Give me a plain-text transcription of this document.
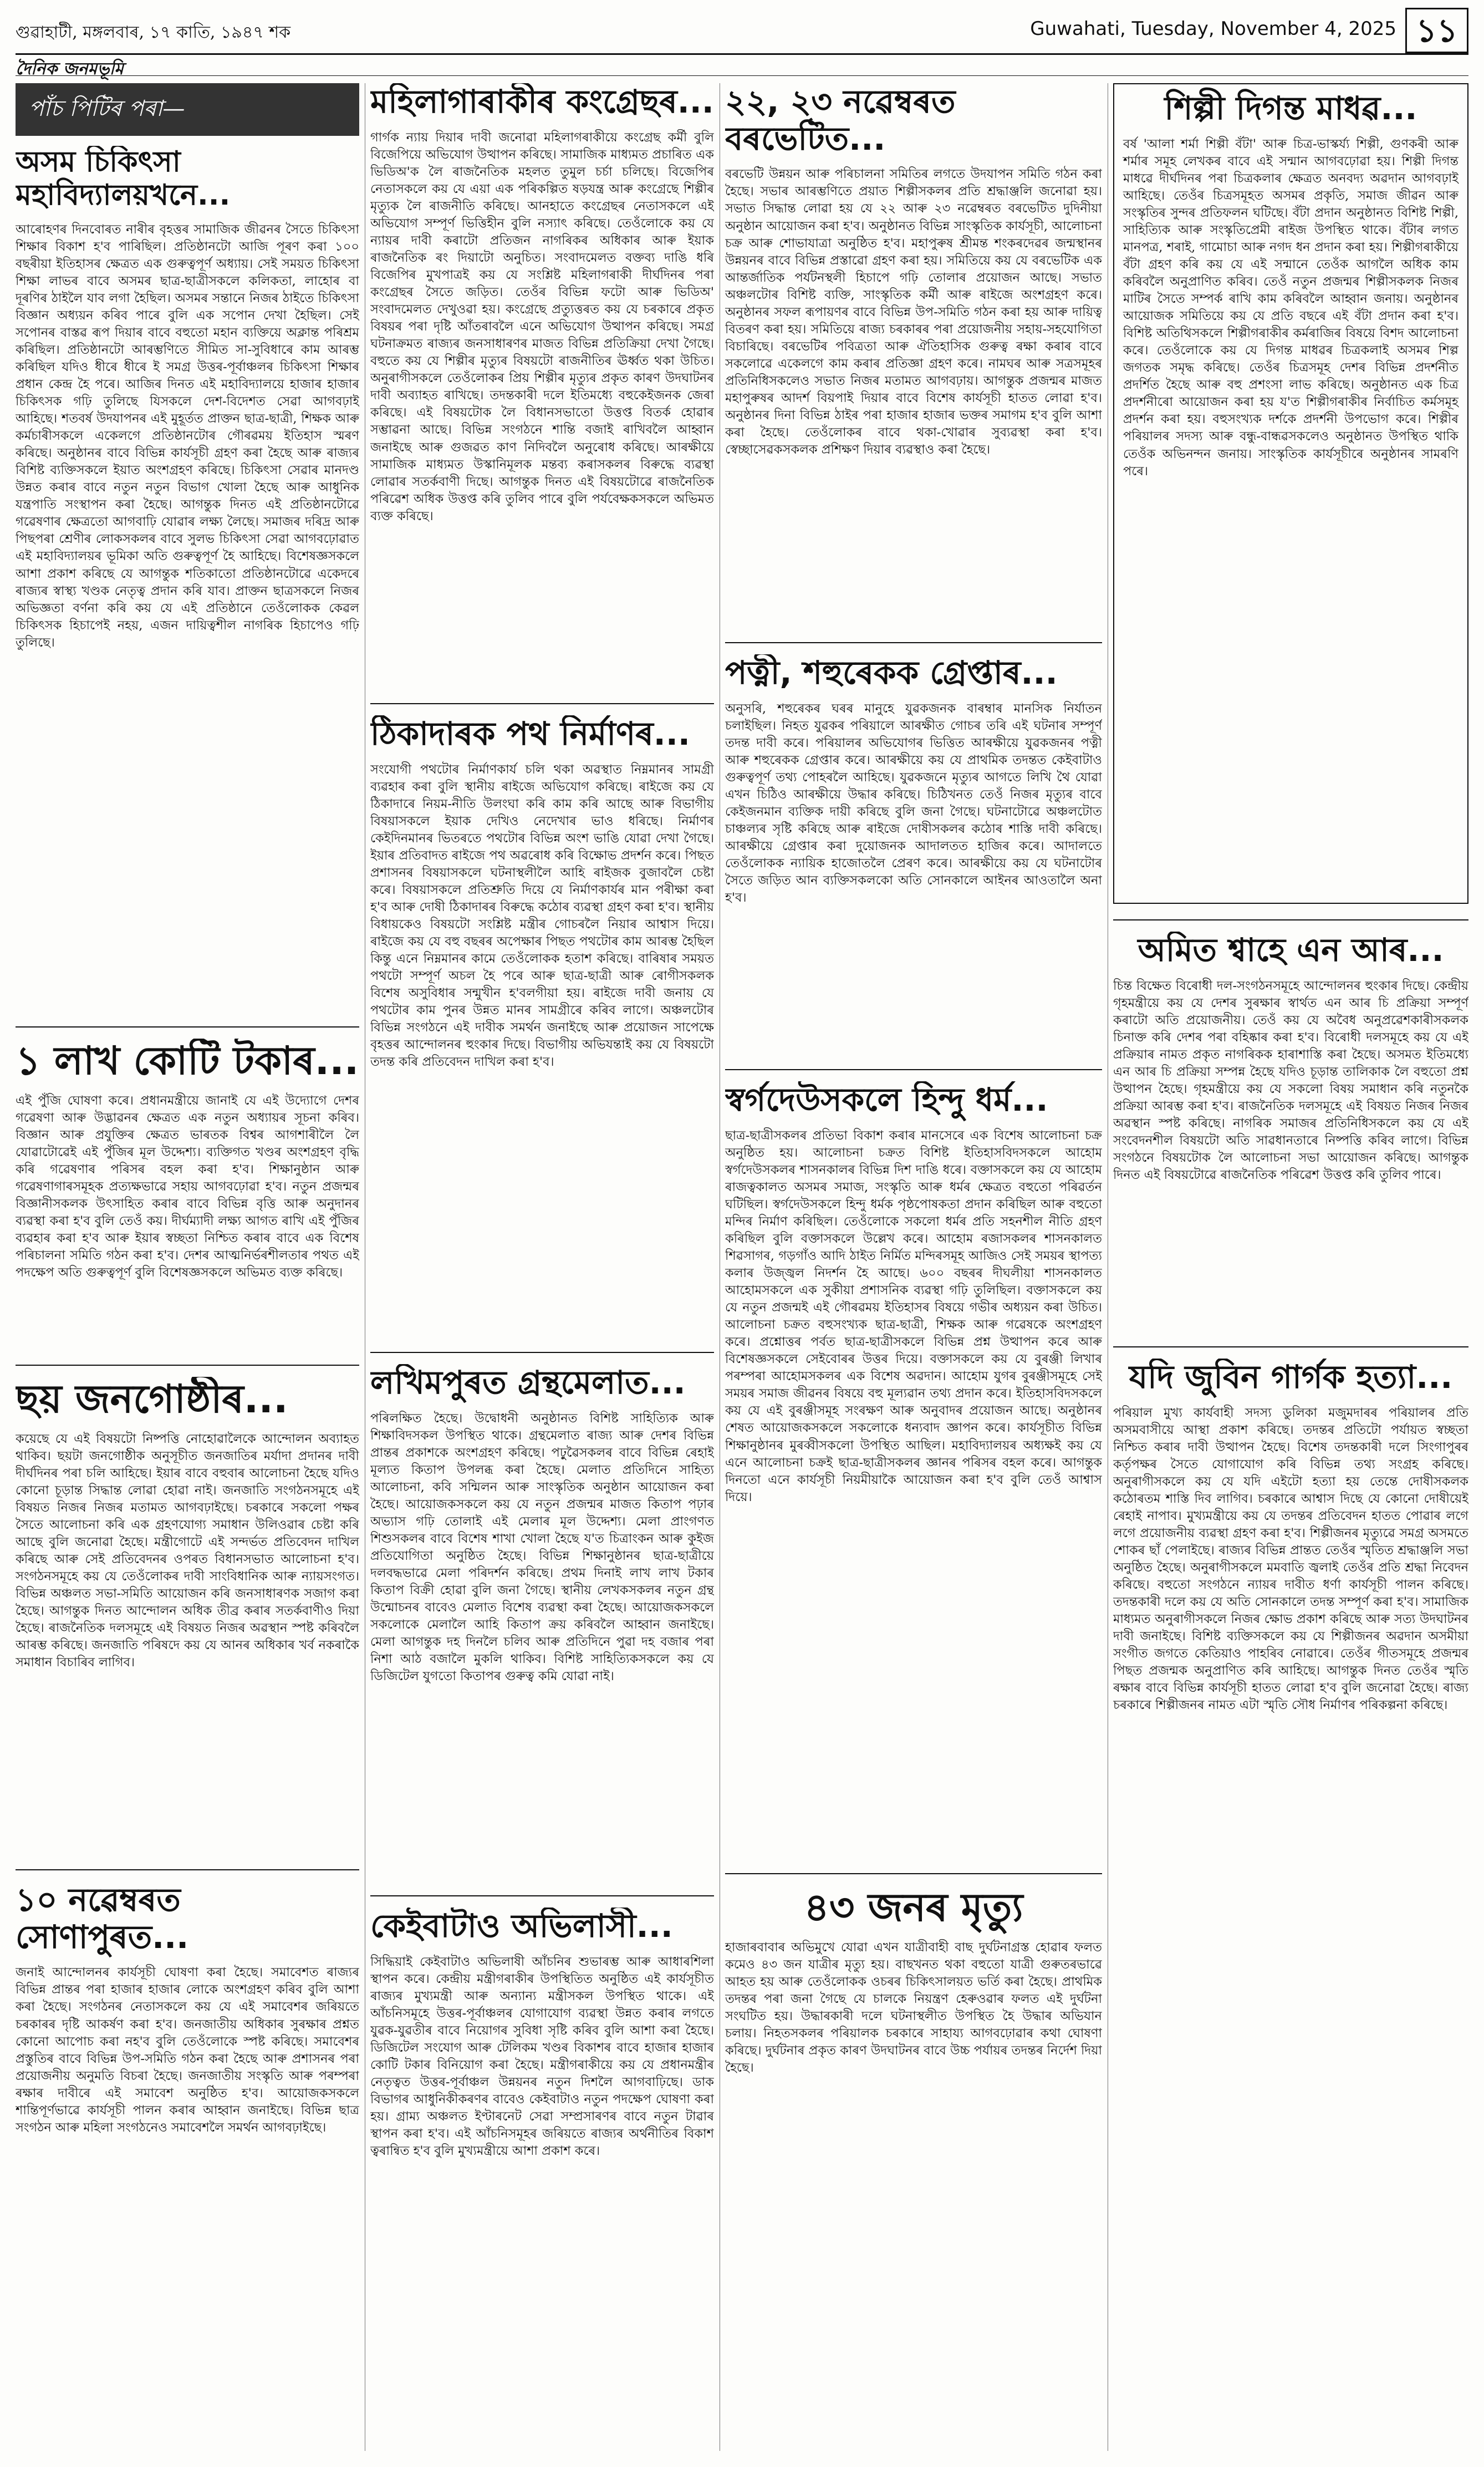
গুৱাহাটী, মঙ্গলবাৰ, ১৭ কাতি, ১৯৪৭ শক	Guwahati, Tuesday, November 4, 2025 ১১
দৈনিক জনমভূমি
পাঁচ পিটিৰ পৰা—
অসম চিকিৎসা মহাবিদ্যালয়খনে...

আৰোহণৰ দিনবোৰত নাৰীৰ বৃহত্তৰ সামাজিক জীৱনৰ সৈতে চিকিৎসা শিক্ষাৰ বিকাশ হ'ব পাৰিছিল। প্ৰতিষ্ঠানটো আজি পূৰণ কৰা ১০০ বছৰীয়া ইতিহাসৰ ক্ষেত্ৰত এক গুৰুত্বপূৰ্ণ অধ্যায়। সেই সময়ত চিকিৎসা শিক্ষা লাভৰ বাবে অসমৰ ছাত্ৰ-ছাত্ৰীসকলে কলিকতা, লাহোৰ বা দূৰণিৰ ঠাইলৈ যাব লগা হৈছিল। অসমৰ সন্তানে নিজৰ ঠাইতে চিকিৎসা বিজ্ঞান অধ্যয়ন কৰিব পাৰে বুলি এক সপোন দেখা হৈছিল। সেই সপোনৰ বাস্তৱ ৰূপ দিয়াৰ বাবে বহুতো মহান ব্যক্তিয়ে অক্লান্ত পৰিশ্ৰম কৰিছিল। প্ৰতিষ্ঠানটো আৰম্ভণিতে সীমিত সা-সুবিধাৰে কাম আৰম্ভ কৰিছিল যদিও ধীৰে ধীৰে ই সমগ্ৰ উত্তৰ-পূৰ্বাঞ্চলৰ চিকিৎসা শিক্ষাৰ প্ৰধান কেন্দ্ৰ হৈ পৰে। আজিৰ দিনত এই মহাবিদ্যালয়ে হাজাৰ হাজাৰ চিকিৎসক গঢ়ি তুলিছে যিসকলে দেশ-বিদেশত সেৱা আগবঢ়াই আহিছে। শতবৰ্ষ উদযাপনৰ এই মুহূৰ্তত প্ৰাক্তন ছাত্ৰ-ছাত্ৰী, শিক্ষক আৰু কৰ্মচাৰীসকলে একেলগে প্ৰতিষ্ঠানটোৰ গৌৰৱময় ইতিহাস স্মৰণ কৰিছে। অনুষ্ঠানৰ বাবে বিভিন্ন কাৰ্যসূচী গ্ৰহণ কৰা হৈছে আৰু ৰাজ্যৰ বিশিষ্ট ব্যক্তিসকলে ইয়াত অংশগ্ৰহণ কৰিছে। চিকিৎসা সেৱাৰ মানদণ্ড উন্নত কৰাৰ বাবে নতুন নতুন বিভাগ খোলা হৈছে আৰু আধুনিক যন্ত্ৰপাতি সংস্থাপন কৰা হৈছে। আগন্তুক দিনত এই প্ৰতিষ্ঠানটোৱে গৱেষণাৰ ক্ষেত্ৰতো আগবাঢ়ি যোৱাৰ লক্ষ্য লৈছে। সমাজৰ দৰিদ্ৰ আৰু পিছপৰা শ্ৰেণীৰ লোকসকলৰ বাবে সুলভ চিকিৎসা সেৱা আগবঢ়োৱাত এই মহাবিদ্যালয়ৰ ভূমিকা অতি গুৰুত্বপূৰ্ণ হৈ আহিছে। বিশেষজ্ঞসকলে আশা প্ৰকাশ কৰিছে যে আগন্তুক শতিকাতো প্ৰতিষ্ঠানটোৱে একেদৰে ৰাজ্যৰ স্বাস্থ্য খণ্ডক নেতৃত্ব প্ৰদান কৰি যাব। প্ৰাক্তন ছাত্ৰসকলে নিজৰ অভিজ্ঞতা বৰ্ণনা কৰি কয় যে এই প্ৰতিষ্ঠানে তেওঁলোকক কেৱল চিকিৎসক হিচাপেই নহয়, এজন দায়িত্বশীল নাগৰিক হিচাপেও গঢ়ি তুলিছে।

১ লাখ কোটি টকাৰ...

এই পুঁজি ঘোষণা কৰে। প্ৰধানমন্ত্ৰীয়ে জানাই যে এই উদ্যোগে দেশৰ গৱেষণা আৰু উদ্ভাৱনৰ ক্ষেত্ৰত এক নতুন অধ্যায়ৰ সূচনা কৰিব। বিজ্ঞান আৰু প্ৰযুক্তিৰ ক্ষেত্ৰত ভাৰতক বিশ্বৰ আগশাৰীলৈ লৈ যোৱাটোৱেই এই পুঁজিৰ মূল উদ্দেশ্য। ব্যক্তিগত খণ্ডৰ অংশগ্ৰহণ বৃদ্ধি কৰি গৱেষণাৰ পৰিসৰ বহল কৰা হ'ব। শিক্ষানুষ্ঠান আৰু গৱেষণাগাৰসমূহক প্ৰত্যক্ষভাৱে সহায় আগবঢ়োৱা হ'ব। নতুন প্ৰজন্মৰ বিজ্ঞানীসকলক উৎসাহিত কৰাৰ বাবে বিভিন্ন বৃত্তি আৰু অনুদানৰ ব্যৱস্থা কৰা হ'ব বুলি তেওঁ কয়। দীৰ্ঘম্যাদী লক্ষ্য আগত ৰাখি এই পুঁজিৰ ব্যৱহাৰ কৰা হ'ব আৰু ইয়াৰ স্বচ্ছতা নিশ্চিত কৰাৰ বাবে এক বিশেষ পৰিচালনা সমিতি গঠন কৰা হ'ব। দেশৰ আত্মনিৰ্ভৰশীলতাৰ পথত এই পদক্ষেপ অতি গুৰুত্বপূৰ্ণ বুলি বিশেষজ্ঞসকলে অভিমত ব্যক্ত কৰিছে।

ছয় জনগোষ্ঠীৰ...

কয়েছে যে এই বিষয়টো নিষ্পত্তি নোহোৱালৈকে আন্দোলন অব্যাহত থাকিব। ছয়টা জনগোষ্ঠীক অনুসূচীত জনজাতিৰ মৰ্যাদা প্ৰদানৰ দাবী দীৰ্ঘদিনৰ পৰা চলি আহিছে। ইয়াৰ বাবে বহুবাৰ আলোচনা হৈছে যদিও কোনো চূড়ান্ত সিদ্ধান্ত লোৱা হোৱা নাই। জনজাতি সংগঠনসমূহে এই বিষয়ত নিজৰ নিজৰ মতামত আগবঢ়াইছে। চৰকাৰে সকলো পক্ষৰ সৈতে আলোচনা কৰি এক গ্ৰহণযোগ্য সমাধান উলিওৱাৰ চেষ্টা কৰি আছে বুলি জনোৱা হৈছে। মন্ত্ৰীগোটে এই সন্দৰ্ভত প্ৰতিবেদন দাখিল কৰিছে আৰু সেই প্ৰতিবেদনৰ ওপৰত বিধানসভাত আলোচনা হ'ব। সংগঠনসমূহে কয় যে তেওঁলোকৰ দাবী সাংবিধানিক আৰু ন্যায়সংগত। বিভিন্ন অঞ্চলত সভা-সমিতি আয়োজন কৰি জনসাধাৰণক সজাগ কৰা হৈছে। আগন্তুক দিনত আন্দোলন অধিক তীব্ৰ কৰাৰ সতৰ্কবাণীও দিয়া হৈছে। ৰাজনৈতিক দলসমূহে এই বিষয়ত নিজৰ অৱস্থান স্পষ্ট কৰিবলৈ আৰম্ভ কৰিছে। জনজাতি পৰিষদে কয় যে আনৰ অধিকাৰ খৰ্ব নকৰাকৈ সমাধান বিচাৰিব লাগিব।

১০ নৱেম্বৰত সোণাপুৰত...

জনাই আন্দোলনৰ কাৰ্যসূচী ঘোষণা কৰা হৈছে। সমাবেশত ৰাজ্যৰ বিভিন্ন প্ৰান্তৰ পৰা হাজাৰ হাজাৰ লোকে অংশগ্ৰহণ কৰিব বুলি আশা কৰা হৈছে। সংগঠনৰ নেতাসকলে কয় যে এই সমাবেশৰ জৰিয়তে চৰকাৰৰ দৃষ্টি আকৰ্ষণ কৰা হ'ব। জনজাতীয় অধিকাৰ সুৰক্ষাৰ প্ৰশ্নত কোনো আপোচ কৰা নহ'ব বুলি তেওঁলোকে স্পষ্ট কৰিছে। সমাবেশৰ প্ৰস্তুতিৰ বাবে বিভিন্ন উপ-সমিতি গঠন কৰা হৈছে আৰু প্ৰশাসনৰ পৰা প্ৰয়োজনীয় অনুমতি বিচৰা হৈছে। জনজাতীয় সংস্কৃতি আৰু পৰম্পৰা ৰক্ষাৰ দাবীৰে এই সমাবেশ অনুষ্ঠিত হ'ব। আয়োজকসকলে শান্তিপূৰ্ণভাৱে কাৰ্যসূচী পালন কৰাৰ আহ্বান জনাইছে। বিভিন্ন ছাত্ৰ সংগঠন আৰু মহিলা সংগঠনেও সমাবেশলৈ সমৰ্থন আগবঢ়াইছে।

মহিলাগাৰাকীৰ কংগ্ৰেছৰ...

গাৰ্গক ন্যায় দিয়াৰ দাবী জনোৱা মহিলাগৰাকীয়ে কংগ্ৰেছ কৰ্মী বুলি বিজেপিয়ে অভিযোগ উত্থাপন কৰিছে। সামাজিক মাধ্যমত প্ৰচাৰিত এক ভিডিঅ'ক লৈ ৰাজনৈতিক মহলত তুমুল চৰ্চা চলিছে। বিজেপিৰ নেতাসকলে কয় যে এয়া এক পৰিকল্পিত ষড়যন্ত্ৰ আৰু কংগ্ৰেছে শিল্পীৰ মৃত্যুক লৈ ৰাজনীতি কৰিছে। আনহাতে কংগ্ৰেছৰ নেতাসকলে এই অভিযোগ সম্পূৰ্ণ ভিত্তিহীন বুলি নস্যাৎ কৰিছে। তেওঁলোকে কয় যে ন্যায়ৰ দাবী কৰাটো প্ৰতিজন নাগৰিকৰ অধিকাৰ আৰু ইয়াক ৰাজনৈতিক ৰং দিয়াটো অনুচিত। সংবাদমেলত বক্তব্য দাঙি ধৰি বিজেপিৰ মুখপাত্ৰই কয় যে সংশ্লিষ্ট মহিলাগৰাকী দীৰ্ঘদিনৰ পৰা কংগ্ৰেছৰ সৈতে জড়িত। তেওঁৰ বিভিন্ন ফটো আৰু ভিডিঅ' সংবাদমেলত দেখুওৱা হয়। কংগ্ৰেছে প্ৰত্যুত্তৰত কয় যে চৰকাৰে প্ৰকৃত বিষয়ৰ পৰা দৃষ্টি আঁতৰাবলৈ এনে অভিযোগ উত্থাপন কৰিছে। সমগ্ৰ ঘটনাক্ৰমত ৰাজ্যৰ জনসাধাৰণৰ মাজত বিভিন্ন প্ৰতিক্ৰিয়া দেখা গৈছে। বহুতে কয় যে শিল্পীৰ মৃত্যুৰ বিষয়টো ৰাজনীতিৰ ঊৰ্ধ্বত থকা উচিত। অনুৰাগীসকলে তেওঁলোকৰ প্ৰিয় শিল্পীৰ মৃত্যুৰ প্ৰকৃত কাৰণ উদঘাটনৰ দাবী অব্যাহত ৰাখিছে। তদন্তকাৰী দলে ইতিমধ্যে বহুকেইজনক জেৰা কৰিছে। এই বিষয়টোক লৈ বিধানসভাতো উত্তপ্ত বিতৰ্ক হোৱাৰ সম্ভাৱনা আছে। বিভিন্ন সংগঠনে শান্তি বজাই ৰাখিবলৈ আহ্বান জনাইছে আৰু গুজৱত কাণ নিদিবলৈ অনুৰোধ কৰিছে। আৰক্ষীয়ে সামাজিক মাধ্যমত উস্কানিমূলক মন্তব্য কৰাসকলৰ বিৰুদ্ধে ব্যৱস্থা লোৱাৰ সতৰ্কবাণী দিছে। আগন্তুক দিনত এই বিষয়টোৱে ৰাজনৈতিক পৰিৱেশ অধিক উত্তপ্ত কৰি তুলিব পাৰে বুলি পৰ্যবেক্ষকসকলে অভিমত ব্যক্ত কৰিছে।

ঠিকাদাৰক পথ নিৰ্মাণৰ...

সংযোগী পথটোৰ নিৰ্মাণকাৰ্য চলি থকা অৱস্থাত নিম্নমানৰ সামগ্ৰী ব্যৱহাৰ কৰা বুলি স্থানীয় ৰাইজে অভিযোগ কৰিছে। ৰাইজে কয় যে ঠিকাদাৰে নিয়ম-নীতি উলংঘা কৰি কাম কৰি আছে আৰু বিভাগীয় বিষয়াসকলে ইয়াক দেখিও নেদেখাৰ ভাও ধৰিছে। নিৰ্মাণৰ কেইদিনমানৰ ভিতৰতে পথটোৰ বিভিন্ন অংশ ভাঙি যোৱা দেখা গৈছে। ইয়াৰ প্ৰতিবাদত ৰাইজে পথ অৱৰোধ কৰি বিক্ষোভ প্ৰদৰ্শন কৰে। পিছত প্ৰশাসনৰ বিষয়াসকলে ঘটনাস্থলীলৈ আহি ৰাইজক বুজাবলৈ চেষ্টা কৰে। বিষয়াসকলে প্ৰতিশ্ৰুতি দিয়ে যে নিৰ্মাণকাৰ্যৰ মান পৰীক্ষা কৰা হ'ব আৰু দোষী ঠিকাদাৰৰ বিৰুদ্ধে কঠোৰ ব্যৱস্থা গ্ৰহণ কৰা হ'ব। স্থানীয় বিধায়কেও বিষয়টো সংশ্লিষ্ট মন্ত্ৰীৰ গোচৰলৈ নিয়াৰ আশ্বাস দিয়ে। ৰাইজে কয় যে বহু বছৰৰ অপেক্ষাৰ পিছত পথটোৰ কাম আৰম্ভ হৈছিল কিন্তু এনে নিম্নমানৰ কামে তেওঁলোকক হতাশ কৰিছে। বাৰিষাৰ সময়ত পথটো সম্পূৰ্ণ অচল হৈ পৰে আৰু ছাত্ৰ-ছাত্ৰী আৰু ৰোগীসকলক বিশেষ অসুবিধাৰ সন্মুখীন হ'বলগীয়া হয়। ৰাইজে দাবী জনায় যে পথটোৰ কাম পুনৰ উন্নত মানৰ সামগ্ৰীৰে কৰিব লাগে। অঞ্চলটোৰ বিভিন্ন সংগঠনে এই দাবীক সমৰ্থন জনাইছে আৰু প্ৰয়োজন সাপেক্ষে বৃহত্তৰ আন্দোলনৰ হুংকাৰ দিছে। বিভাগীয় অভিযন্তাই কয় যে বিষয়টো তদন্ত কৰি প্ৰতিবেদন দাখিল কৰা হ'ব।

লখিমপুৰত গ্ৰন্থমেলাত...

পৰিলক্ষিত হৈছে। উদ্বোধনী অনুষ্ঠানত বিশিষ্ট সাহিত্যিক আৰু শিক্ষাবিদসকল উপস্থিত থাকে। গ্ৰন্থমেলাত ৰাজ্য আৰু দেশৰ বিভিন্ন প্ৰান্তৰ প্ৰকাশকে অংশগ্ৰহণ কৰিছে। পঢ়ুৱৈসকলৰ বাবে বিভিন্ন ৰেহাই মূল্যত কিতাপ উপলব্ধ কৰা হৈছে। মেলাত প্ৰতিদিনে সাহিত্য আলোচনা, কবি সন্মিলন আৰু সাংস্কৃতিক অনুষ্ঠান আয়োজন কৰা হৈছে। আয়োজকসকলে কয় যে নতুন প্ৰজন্মৰ মাজত কিতাপ পঢ়াৰ অভ্যাস গঢ়ি তোলাই এই মেলাৰ মূল উদ্দেশ্য। মেলা প্ৰাংগণত শিশুসকলৰ বাবে বিশেষ শাখা খোলা হৈছে য'ত চিত্ৰাংকন আৰু কুইজ প্ৰতিযোগিতা অনুষ্ঠিত হৈছে। বিভিন্ন শিক্ষানুষ্ঠানৰ ছাত্ৰ-ছাত্ৰীয়ে দলবদ্ধভাৱে মেলা পৰিদৰ্শন কৰিছে। প্ৰথম দিনাই লাখ লাখ টকাৰ কিতাপ বিক্ৰী হোৱা বুলি জনা গৈছে। স্থানীয় লেখকসকলৰ নতুন গ্ৰন্থ উন্মোচনৰ বাবেও মেলাত বিশেষ ব্যৱস্থা কৰা হৈছে। আয়োজকসকলে সকলোকে মেলালৈ আহি কিতাপ ক্ৰয় কৰিবলৈ আহ্বান জনাইছে। মেলা আগন্তুক দহ দিনলৈ চলিব আৰু প্ৰতিদিনে পুৱা দহ বজাৰ পৰা নিশা আঠ বজালৈ মুকলি থাকিব। বিশিষ্ট সাহিত্যিকসকলে কয় যে ডিজিটেল যুগতো কিতাপৰ গুৰুত্ব কমি যোৱা নাই।

কেইবাটাও অভিলাসী...

সিদ্ধিয়াই কেইবাটাও অভিলাষী আঁচনিৰ শুভাৰম্ভ আৰু আধাৰশিলা স্থাপন কৰে। কেন্দ্ৰীয় মন্ত্ৰীগৰাকীৰ উপস্থিতিত অনুষ্ঠিত এই কাৰ্যসূচীত ৰাজ্যৰ মুখ্যমন্ত্ৰী আৰু অন্যান্য মন্ত্ৰীসকল উপস্থিত থাকে। এই আঁচনিসমূহে উত্তৰ-পূৰ্বাঞ্চলৰ যোগাযোগ ব্যৱস্থা উন্নত কৰাৰ লগতে যুৱক-যুৱতীৰ বাবে নিয়োগৰ সুবিধা সৃষ্টি কৰিব বুলি আশা কৰা হৈছে। ডিজিটেল সংযোগ আৰু টেলিকম খণ্ডৰ বিকাশৰ বাবে হাজাৰ হাজাৰ কোটি টকাৰ বিনিয়োগ কৰা হৈছে। মন্ত্ৰীগৰাকীয়ে কয় যে প্ৰধানমন্ত্ৰীৰ নেতৃত্বত উত্তৰ-পূৰ্বাঞ্চল উন্নয়নৰ নতুন দিশলৈ আগবাঢ়িছে। ডাক বিভাগৰ আধুনিকীকৰণৰ বাবেও কেইবাটাও নতুন পদক্ষেপ ঘোষণা কৰা হয়। গ্ৰাম্য অঞ্চলত ইণ্টাৰনেট সেৱা সম্প্ৰসাৰণৰ বাবে নতুন টাৱাৰ স্থাপন কৰা হ'ব। এই আঁচনিসমূহৰ জৰিয়তে ৰাজ্যৰ অৰ্থনীতিৰ বিকাশ ত্বৰান্বিত হ'ব বুলি মুখ্যমন্ত্ৰীয়ে আশা প্ৰকাশ কৰে।

২২, ২৩ নৱেম্বৰত বৰভেটিত...

বৰভেটি উন্নয়ন আৰু পৰিচালনা সমিতিৰ লগতে উদযাপন সমিতি গঠন কৰা হৈছে। সভাৰ আৰম্ভণিতে প্ৰয়াত শিল্পীসকলৰ প্ৰতি শ্ৰদ্ধাঞ্জলি জনোৱা হয়। সভাত সিদ্ধান্ত লোৱা হয় যে ২২ আৰু ২৩ নৱেম্বৰত বৰভেটিত দুদিনীয়া অনুষ্ঠান আয়োজন কৰা হ'ব। অনুষ্ঠানত বিভিন্ন সাংস্কৃতিক কাৰ্যসূচী, আলোচনা চক্ৰ আৰু শোভাযাত্ৰা অনুষ্ঠিত হ'ব। মহাপুৰুষ শ্ৰীমন্ত শংকৰদেৱৰ জন্মস্থানৰ উন্নয়নৰ বাবে বিভিন্ন প্ৰস্তাৱো গ্ৰহণ কৰা হয়। সমিতিয়ে কয় যে বৰভেটিক এক আন্তৰ্জাতিক পৰ্যটনস্থলী হিচাপে গঢ়ি তোলাৰ প্ৰয়োজন আছে। সভাত অঞ্চলটোৰ বিশিষ্ট ব্যক্তি, সাংস্কৃতিক কৰ্মী আৰু ৰাইজে অংশগ্ৰহণ কৰে। অনুষ্ঠানৰ সফল ৰূপায়ণৰ বাবে বিভিন্ন উপ-সমিতি গঠন কৰা হয় আৰু দায়িত্ব বিতৰণ কৰা হয়। সমিতিয়ে ৰাজ্য চৰকাৰৰ পৰা প্ৰয়োজনীয় সহায়-সহযোগিতা বিচাৰিছে। বৰভেটিৰ পবিত্ৰতা আৰু ঐতিহাসিক গুৰুত্ব ৰক্ষা কৰাৰ বাবে সকলোৱে একেলগে কাম কৰাৰ প্ৰতিজ্ঞা গ্ৰহণ কৰে। নামঘৰ আৰু সত্ৰসমূহৰ প্ৰতিনিধিসকলেও সভাত নিজৰ মতামত আগবঢ়ায়। আগন্তুক প্ৰজন্মৰ মাজত মহাপুৰুষৰ আদৰ্শ বিয়পাই দিয়াৰ বাবে বিশেষ কাৰ্যসূচী হাতত লোৱা হ'ব। অনুষ্ঠানৰ দিনা বিভিন্ন ঠাইৰ পৰা হাজাৰ হাজাৰ ভক্তৰ সমাগম হ'ব বুলি আশা কৰা হৈছে। তেওঁলোকৰ বাবে থকা-খোৱাৰ সুব্যৱস্থা কৰা হ'ব। স্বেচ্ছাসেৱকসকলক প্ৰশিক্ষণ দিয়াৰ ব্যৱস্থাও কৰা হৈছে।

পত্নী, শহুৰেকক গ্ৰেপ্তাৰ...

অনুসৰি, শহুৰেকৰ ঘৰৰ মানুহে যুৱকজনক বাৰম্বাৰ মানসিক নিৰ্যাতন চলাইছিল। নিহত যুৱকৰ পৰিয়ালে আৰক্ষীত গোচৰ তৰি এই ঘটনাৰ সম্পূৰ্ণ তদন্ত দাবী কৰে। পৰিয়ালৰ অভিযোগৰ ভিত্তিত আৰক্ষীয়ে যুৱকজনৰ পত্নী আৰু শহুৰেকক গ্ৰেপ্তাৰ কৰে। আৰক্ষীয়ে কয় যে প্ৰাথমিক তদন্তত কেইবাটাও গুৰুত্বপূৰ্ণ তথ্য পোহৰলৈ আহিছে। যুৱকজনে মৃত্যুৰ আগতে লিখি থৈ যোৱা এখন চিঠিও আৰক্ষীয়ে উদ্ধাৰ কৰিছে। চিঠিখনত তেওঁ নিজৰ মৃত্যুৰ বাবে কেইজনমান ব্যক্তিক দায়ী কৰিছে বুলি জনা গৈছে। ঘটনাটোৱে অঞ্চলটোত চাঞ্চল্যৰ সৃষ্টি কৰিছে আৰু ৰাইজে দোষীসকলৰ কঠোৰ শাস্তি দাবী কৰিছে। আৰক্ষীয়ে গ্ৰেপ্তাৰ কৰা দুয়োজনক আদালতত হাজিৰ কৰে। আদালতে তেওঁলোকক ন্যায়িক হাজোতলৈ প্ৰেৰণ কৰে। আৰক্ষীয়ে কয় যে ঘটনাটোৰ সৈতে জড়িত আন ব্যক্তিসকলকো অতি সোনকালে আইনৰ আওতালৈ অনা হ'ব।

স্বৰ্গদেউসকলে হিন্দু ধৰ্ম...

ছাত্ৰ-ছাত্ৰীসকলৰ প্ৰতিভা বিকাশ কৰাৰ মানসেৰে এক বিশেষ আলোচনা চক্ৰ অনুষ্ঠিত হয়। আলোচনা চক্ৰত বিশিষ্ট ইতিহাসবিদসকলে আহোম স্বৰ্গদেউসকলৰ শাসনকালৰ বিভিন্ন দিশ দাঙি ধৰে। বক্তাসকলে কয় যে আহোম ৰাজত্বকালত অসমৰ সমাজ, সংস্কৃতি আৰু ধৰ্মৰ ক্ষেত্ৰত বহুতো পৰিৱৰ্তন ঘটিছিল। স্বৰ্গদেউসকলে হিন্দু ধৰ্মক পৃষ্ঠপোষকতা প্ৰদান কৰিছিল আৰু বহুতো মন্দিৰ নিৰ্মাণ কৰিছিল। তেওঁলোকে সকলো ধৰ্মৰ প্ৰতি সহনশীল নীতি গ্ৰহণ কৰিছিল বুলি বক্তাসকলে উল্লেখ কৰে। আহোম ৰজাসকলৰ শাসনকালত শিৱসাগৰ, গড়গাঁও আদি ঠাইত নিৰ্মিত মন্দিৰসমূহ আজিও সেই সময়ৰ স্থাপত্য কলাৰ উজ্জ্বল নিদৰ্শন হৈ আছে। ৬০০ বছৰৰ দীঘলীয়া শাসনকালত আহোমসকলে এক সুকীয়া প্ৰশাসনিক ব্যৱস্থা গঢ়ি তুলিছিল। বক্তাসকলে কয় যে নতুন প্ৰজন্মই এই গৌৰৱময় ইতিহাসৰ বিষয়ে গভীৰ অধ্যয়ন কৰা উচিত। আলোচনা চক্ৰত বহুসংখ্যক ছাত্ৰ-ছাত্ৰী, শিক্ষক আৰু গৱেষকে অংশগ্ৰহণ কৰে। প্ৰশ্নোত্তৰ পৰ্বত ছাত্ৰ-ছাত্ৰীসকলে বিভিন্ন প্ৰশ্ন উত্থাপন কৰে আৰু বিশেষজ্ঞসকলে সেইবোৰৰ উত্তৰ দিয়ে। বক্তাসকলে কয় যে বুৰঞ্জী লিখাৰ পৰম্পৰা আহোমসকলৰ এক বিশেষ অৱদান। আহোম যুগৰ বুৰঞ্জীসমূহে সেই সময়ৰ সমাজ জীৱনৰ বিষয়ে বহু মূল্যৱান তথ্য প্ৰদান কৰে। ইতিহাসবিদসকলে কয় যে এই বুৰঞ্জীসমূহ সংৰক্ষণ আৰু অনুবাদৰ প্ৰয়োজন আছে। অনুষ্ঠানৰ শেষত আয়োজকসকলে সকলোকে ধন্যবাদ জ্ঞাপন কৰে। কাৰ্যসূচীত বিভিন্ন শিক্ষানুষ্ঠানৰ মুৰব্বীসকলো উপস্থিত আছিল। মহাবিদ্যালয়ৰ অধ্যক্ষই কয় যে এনে আলোচনা চক্ৰই ছাত্ৰ-ছাত্ৰীসকলৰ জ্ঞানৰ পৰিসৰ বহল কৰে। আগন্তুক দিনতো এনে কাৰ্যসূচী নিয়মীয়াকৈ আয়োজন কৰা হ'ব বুলি তেওঁ আশ্বাস দিয়ে।

৪৩ জনৰ মৃত্যু

হাজাৰবাবাৰ অভিমুখে যোৱা এখন যাত্ৰীবাহী বাছ দুৰ্ঘটনাগ্ৰস্ত হোৱাৰ ফলত কমেও ৪৩ জন যাত্ৰীৰ মৃত্যু হয়। বাছখনত থকা বহুতো যাত্ৰী গুৰুতৰভাৱে আহত হয় আৰু তেওঁলোকক ওচৰৰ চিকিৎসালয়ত ভৰ্তি কৰা হৈছে। প্ৰাথমিক তদন্তৰ পৰা জনা গৈছে যে চালকে নিয়ন্ত্ৰণ হেৰুওৱাৰ ফলত এই দুৰ্ঘটনা সংঘটিত হয়। উদ্ধাৰকাৰী দলে ঘটনাস্থলীত উপস্থিত হৈ উদ্ধাৰ অভিযান চলায়। নিহতসকলৰ পৰিয়ালক চৰকাৰে সাহায্য আগবঢ়োৱাৰ কথা ঘোষণা কৰিছে। দুৰ্ঘটনাৰ প্ৰকৃত কাৰণ উদঘাটনৰ বাবে উচ্চ পৰ্যায়ৰ তদন্তৰ নিৰ্দেশ দিয়া হৈছে।

শিল্পী দিগন্ত মাধৱ...

বৰ্ষ 'আলা শৰ্মা শিল্পী বঁটা' আৰু চিত্ৰ-ভাস্কৰ্য্য শিল্পী, গুণকৰী আৰু শৰ্মাৰ সমূহ লেখকৰ বাবে এই সন্মান আগবঢ়োৱা হয়। শিল্পী দিগন্ত মাধৱে দীৰ্ঘদিনৰ পৰা চিত্ৰকলাৰ ক্ষেত্ৰত অনবদ্য অৱদান আগবঢ়াই আহিছে। তেওঁৰ চিত্ৰসমূহত অসমৰ প্ৰকৃতি, সমাজ জীৱন আৰু সংস্কৃতিৰ সুন্দৰ প্ৰতিফলন ঘটিছে। বঁটা প্ৰদান অনুষ্ঠানত বিশিষ্ট শিল্পী, সাহিত্যিক আৰু সংস্কৃতিপ্ৰেমী ৰাইজ উপস্থিত থাকে। বঁটাৰ লগত মানপত্ৰ, শৰাই, গামোচা আৰু নগদ ধন প্ৰদান কৰা হয়। শিল্পীগৰাকীয়ে বঁটা গ্ৰহণ কৰি কয় যে এই সন্মানে তেওঁক আগলৈ অধিক কাম কৰিবলৈ অনুপ্ৰাণিত কৰিব। তেওঁ নতুন প্ৰজন্মৰ শিল্পীসকলক নিজৰ মাটিৰ সৈতে সম্পৰ্ক ৰাখি কাম কৰিবলৈ আহ্বান জনায়। অনুষ্ঠানৰ আয়োজক সমিতিয়ে কয় যে প্ৰতি বছৰে এই বঁটা প্ৰদান কৰা হ'ব। বিশিষ্ট অতিথিসকলে শিল্পীগৰাকীৰ কৰ্মৰাজিৰ বিষয়ে বিশদ আলোচনা কৰে। তেওঁলোকে কয় যে দিগন্ত মাধৱৰ চিত্ৰকলাই অসমৰ শিল্প জগতক সমৃদ্ধ কৰিছে। তেওঁৰ চিত্ৰসমূহ দেশৰ বিভিন্ন প্ৰদৰ্শনীত প্ৰদৰ্শিত হৈছে আৰু বহু প্ৰশংসা লাভ কৰিছে। অনুষ্ঠানত এক চিত্ৰ প্ৰদৰ্শনীৰো আয়োজন কৰা হয় য'ত শিল্পীগৰাকীৰ নিৰ্বাচিত কৰ্মসমূহ প্ৰদৰ্শন কৰা হয়। বহুসংখ্যক দৰ্শকে প্ৰদৰ্শনী উপভোগ কৰে। শিল্পীৰ পৰিয়ালৰ সদস্য আৰু বন্ধু-বান্ধৱসকলেও অনুষ্ঠানত উপস্থিত থাকি তেওঁক অভিনন্দন জনায়। সাংস্কৃতিক কাৰ্যসূচীৰে অনুষ্ঠানৰ সামৰণি পৰে।

অমিত শ্বাহে এন আৰ...

চিন্ত বিক্ষেত বিৰোধী দল-সংগঠনসমূহে আন্দোলনৰ হুংকাৰ দিছে। কেন্দ্ৰীয় গৃহমন্ত্ৰীয়ে কয় যে দেশৰ সুৰক্ষাৰ স্বাৰ্থত এন আৰ চি প্ৰক্ৰিয়া সম্পূৰ্ণ কৰাটো অতি প্ৰয়োজনীয়। তেওঁ কয় যে অবৈধ অনুপ্ৰৱেশকাৰীসকলক চিনাক্ত কৰি দেশৰ পৰা বহিষ্কাৰ কৰা হ'ব। বিৰোধী দলসমূহে কয় যে এই প্ৰক্ৰিয়াৰ নামত প্ৰকৃত নাগৰিকক হাৰাশাস্তি কৰা হৈছে। অসমত ইতিমধ্যে এন আৰ চি প্ৰক্ৰিয়া সম্পন্ন হৈছে যদিও চূড়ান্ত তালিকাক লৈ বহুতো প্ৰশ্ন উত্থাপন হৈছে। গৃহমন্ত্ৰীয়ে কয় যে সকলো বিষয় সমাধান কৰি নতুনকৈ প্ৰক্ৰিয়া আৰম্ভ কৰা হ'ব। ৰাজনৈতিক দলসমূহে এই বিষয়ত নিজৰ নিজৰ অৱস্থান স্পষ্ট কৰিছে। নাগৰিক সমাজৰ প্ৰতিনিধিসকলে কয় যে এই সংবেদনশীল বিষয়টো অতি সাৱধানতাৰে নিষ্পত্তি কৰিব লাগে। বিভিন্ন সংগঠনে বিষয়টোক লৈ আলোচনা সভা আয়োজন কৰিছে। আগন্তুক দিনত এই বিষয়টোৱে ৰাজনৈতিক পৰিৱেশ উত্তপ্ত কৰি তুলিব পাৰে।

যদি জুবিন গাৰ্গক হত্যা...

পৰিয়াল মুখ্য কাৰ্যবাহী সদস্য ডুলিকা মজুমদাৰৰ পৰিয়ালৰ প্ৰতি অসমবাসীয়ে আস্থা প্ৰকাশ কৰিছে। তদন্তৰ প্ৰতিটো পৰ্যায়ত স্বচ্ছতা নিশ্চিত কৰাৰ দাবী উত্থাপন হৈছে। বিশেষ তদন্তকাৰী দলে সিংগাপুৰৰ কৰ্তৃপক্ষৰ সৈতে যোগাযোগ কৰি বিভিন্ন তথ্য সংগ্ৰহ কৰিছে। অনুৰাগীসকলে কয় যে যদি এইটো হত্যা হয় তেন্তে দোষীসকলক কঠোৰতম শাস্তি দিব লাগিব। চৰকাৰে আশ্বাস দিছে যে কোনো দোষীয়েই ৰেহাই নাপাব। মুখ্যমন্ত্ৰীয়ে কয় যে তদন্তৰ প্ৰতিবেদন হাতত পোৱাৰ লগে লগে প্ৰয়োজনীয় ব্যৱস্থা গ্ৰহণ কৰা হ'ব। শিল্পীজনৰ মৃত্যুৱে সমগ্ৰ অসমতে শোকৰ ছাঁ পেলাইছে। ৰাজ্যৰ বিভিন্ন প্ৰান্তত তেওঁৰ স্মৃতিত শ্ৰদ্ধাঞ্জলি সভা অনুষ্ঠিত হৈছে। অনুৰাগীসকলে মমবাতি জ্বলাই তেওঁৰ প্ৰতি শ্ৰদ্ধা নিবেদন কৰিছে। বহুতো সংগঠনে ন্যায়ৰ দাবীত ধৰ্ণা কাৰ্যসূচী পালন কৰিছে। তদন্তকাৰী দলে কয় যে অতি সোনকালে তদন্ত সম্পূৰ্ণ কৰা হ'ব। সামাজিক মাধ্যমত অনুৰাগীসকলে নিজৰ ক্ষোভ প্ৰকাশ কৰিছে আৰু সত্য উদঘাটনৰ দাবী জনাইছে। বিশিষ্ট ব্যক্তিসকলে কয় যে শিল্পীজনৰ অৱদান অসমীয়া সংগীত জগতে কেতিয়াও পাহৰিব নোৱাৰে। তেওঁৰ গীতসমূহে প্ৰজন্মৰ পিছত প্ৰজন্মক অনুপ্ৰাণিত কৰি আহিছে। আগন্তুক দিনত তেওঁৰ স্মৃতি ৰক্ষাৰ বাবে বিভিন্ন কাৰ্যসূচী হাতত লোৱা হ'ব বুলি জনোৱা হৈছে। ৰাজ্য চৰকাৰে শিল্পীজনৰ নামত এটা স্মৃতি সৌধ নিৰ্মাণৰ পৰিকল্পনা কৰিছে।
